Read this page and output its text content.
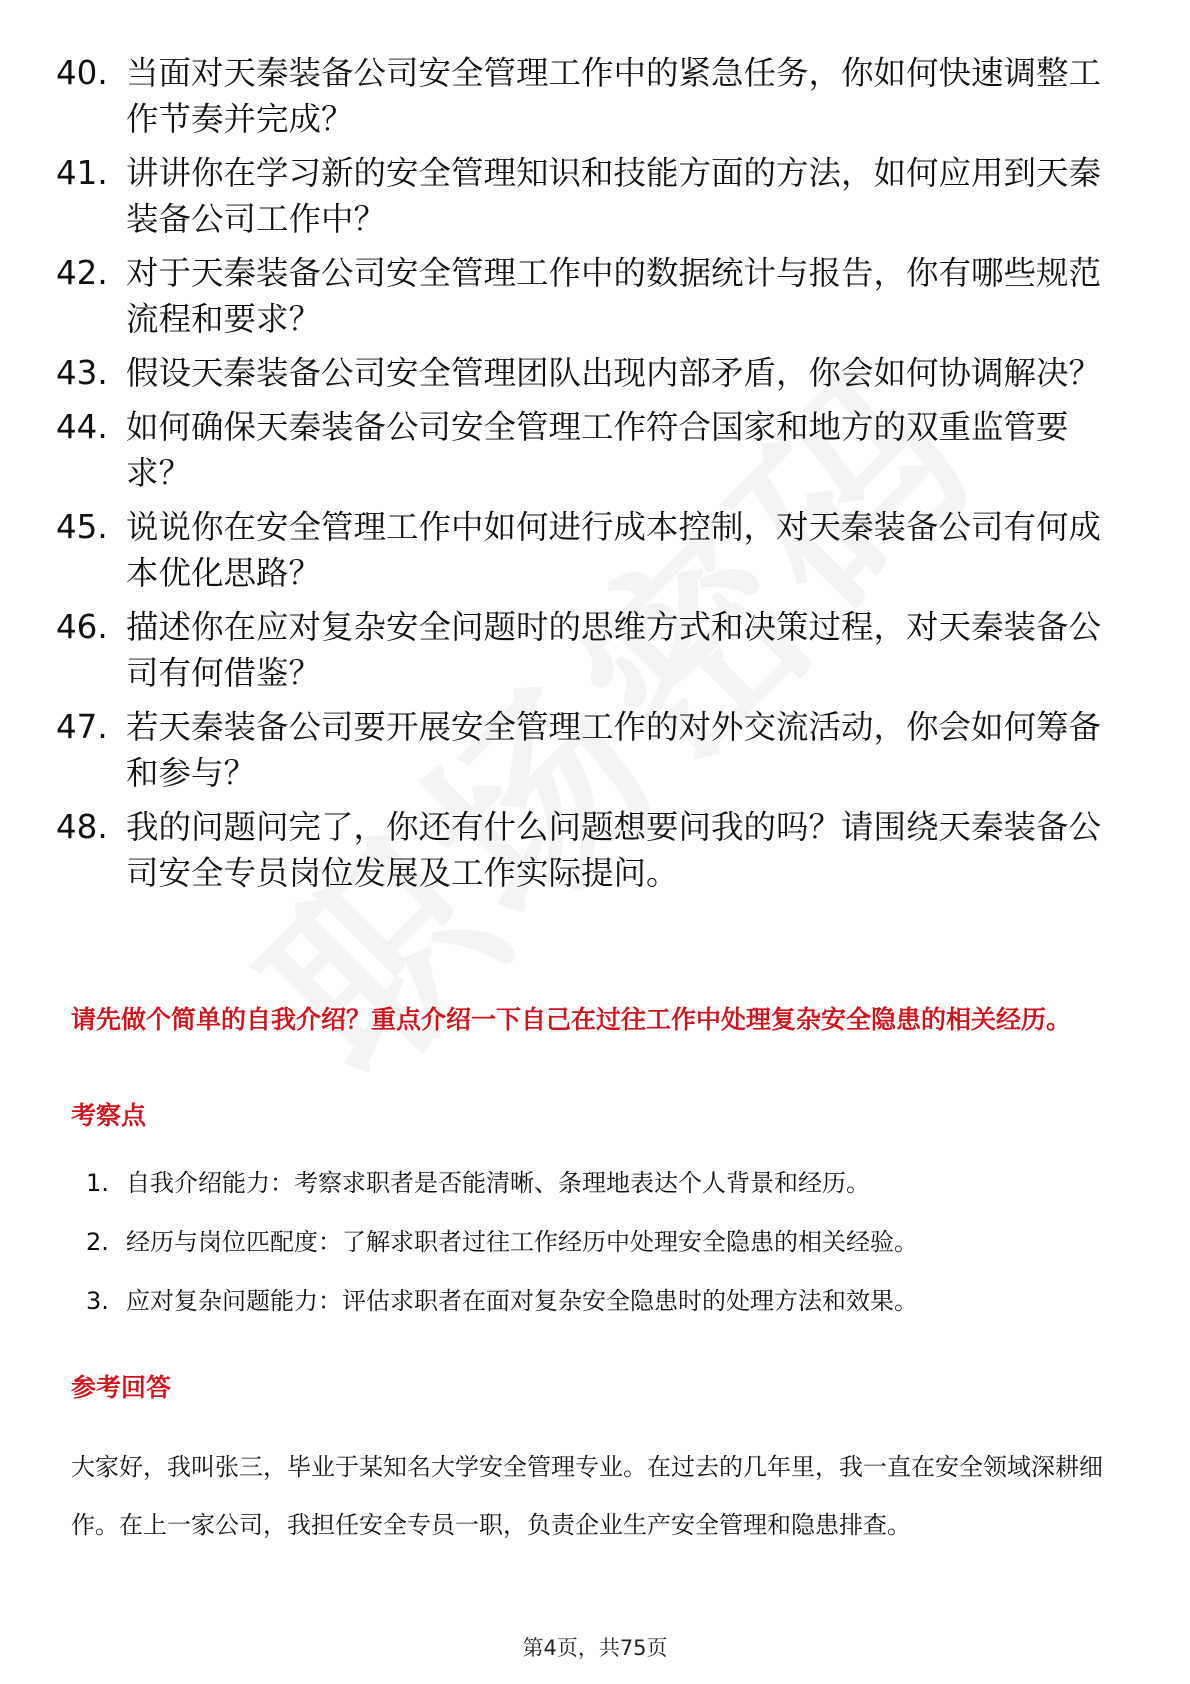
40. 当面对天秦装备公司安全管理工作中的紧急任务，你如何快速调整工作节奏并完成？
41. 讲讲你在学习新的安全管理知识和技能方面的方法，如何应用到天秦装备公司工作中？
42. 对于天秦装备公司安全管理工作中的数据统计与报告，你有哪些规范流程和要求？
43. 假设天秦装备公司安全管理团队出现内部矛盾，你会如何协调解决？
44. 如何确保天秦装备公司安全管理工作符合国家和地方的双重监管要求？
45. 说说你在安全管理工作中如何进行成本控制，对天秦装备公司有何成本优化思路？
46. 描述你在应对复杂安全问题时的思维方式和决策过程，对天秦装备公司有何借鉴？
47. 若天秦装备公司要开展安全管理工作的对外交流活动，你会如何筹备和参与？
48. 我的问题问完了，你还有什么问题想要问我的吗？请围绕天秦装备公司安全专员岗位发展及工作实际提问。

请先做个简单的自我介绍？重点介绍一下自己在过往工作中处理复杂安全隐患的相关经历。

考察点
1. 自我介绍能力：考察求职者是否能清晰、条理地表达个人背景和经历。
2. 经历与岗位匹配度：了解求职者过往工作经历中处理安全隐患的相关经验。
3. 应对复杂问题能力：评估求职者在面对复杂安全隐患时的处理方法和效果。
参考回答

大家好，我叫张三，毕业于某知名大学安全管理专业。在过去的几年里，我一直在安全领域深耕细作。在上一家公司，我担任安全专员一职，负责企业生产安全管理和隐患排查。

第4页，共75页
